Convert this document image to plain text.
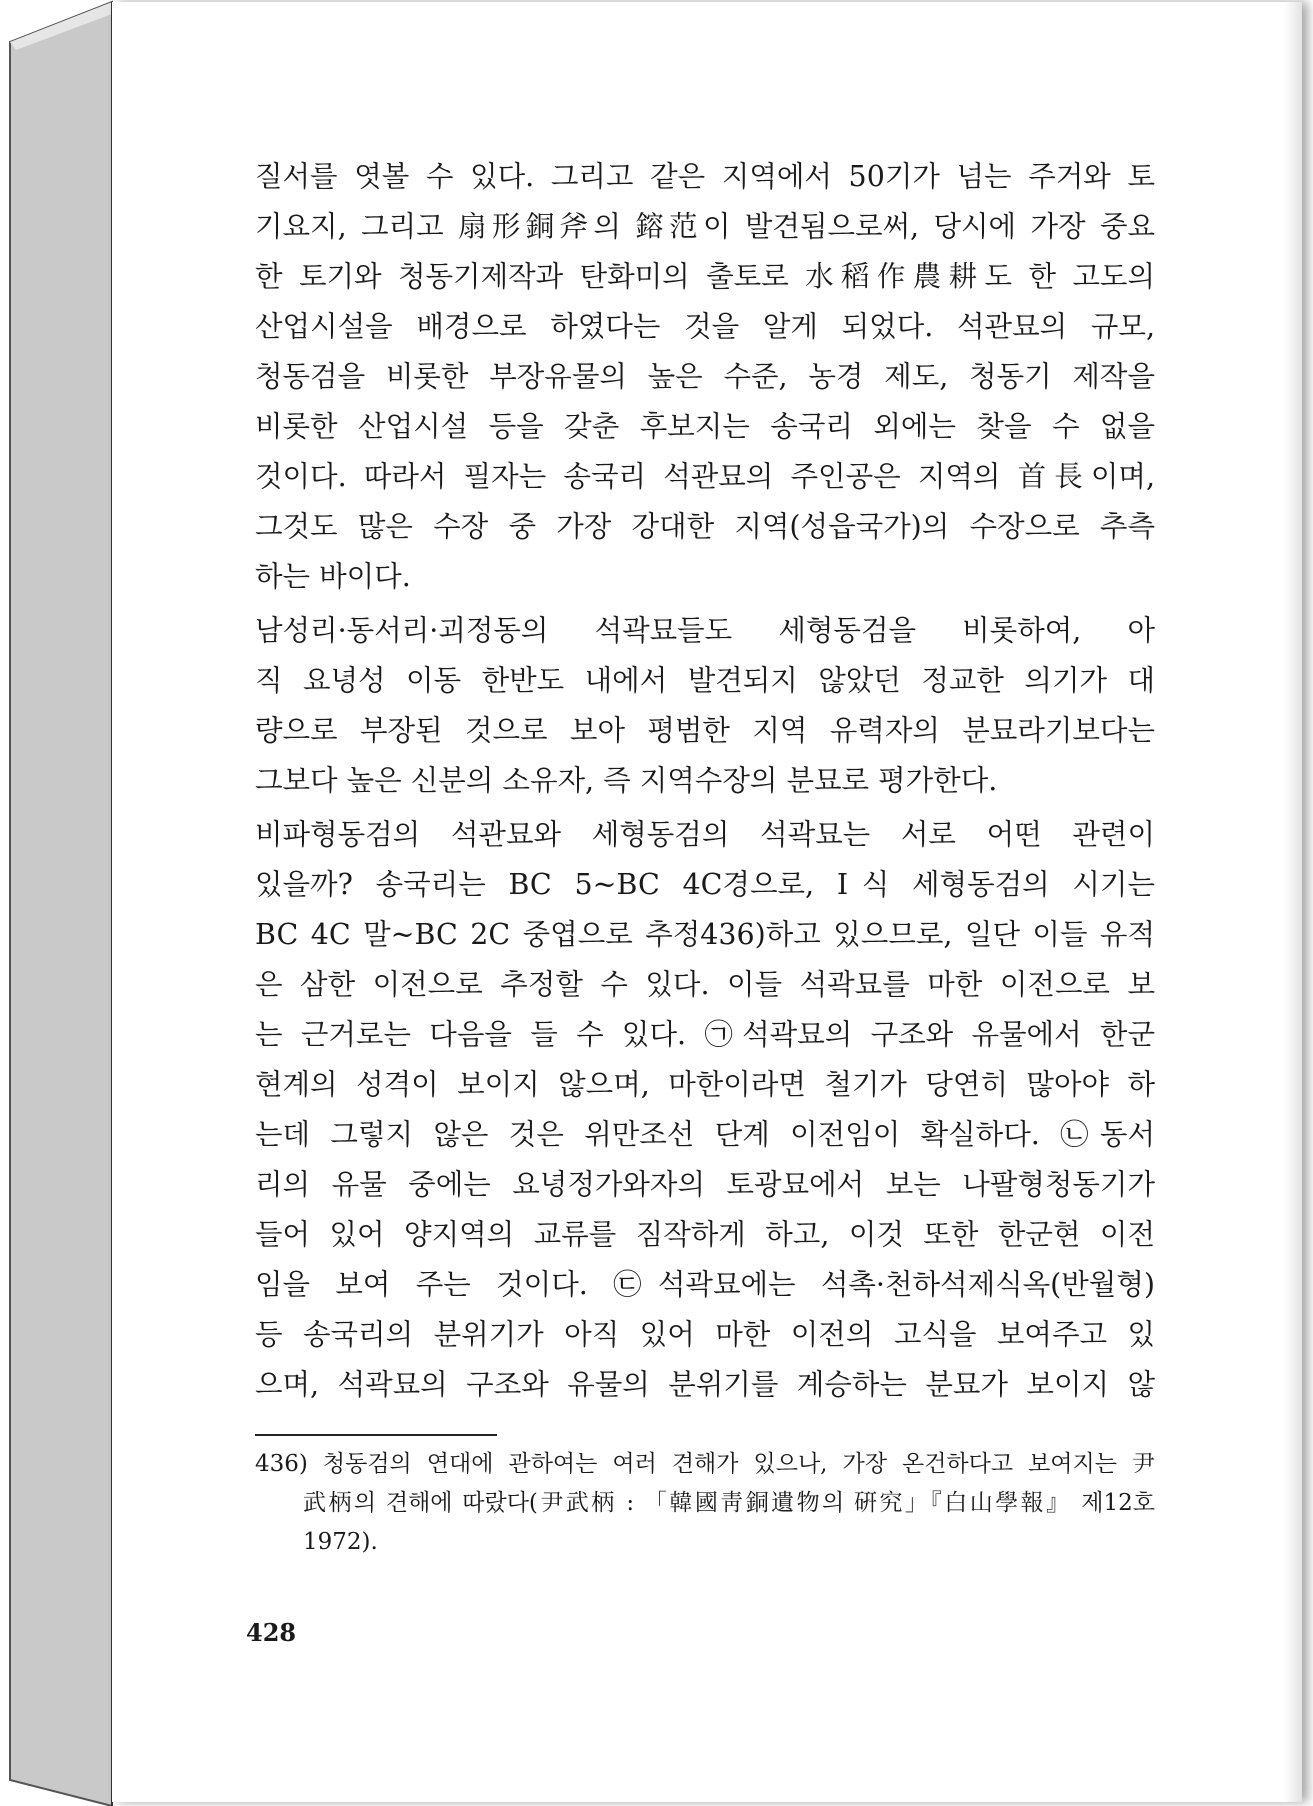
질서를 엿볼 수 있다. 그리고 같은 지역에서 50기가 넘는 주거와 토
기요지, 그리고 扇形銅斧의 鎔范이 발견됨으로써, 당시에 가장 중요
한 토기와 청동기제작과 탄화미의 출토로 水稻作農耕도 한 고도의
산업시설을 배경으로 하였다는 것을 알게 되었다. 석관묘의 규모,
청동검을 비롯한 부장유물의 높은 수준, 농경 제도, 청동기 제작을
비롯한 산업시설 등을 갖춘 후보지는 송국리 외에는 찾을 수 없을
것이다. 따라서 필자는 송국리 석관묘의 주인공은 지역의 首長이며,
그것도 많은 수장 중 가장 강대한 지역(성읍국가)의 수장으로 추측
하는 바이다.
남성리·동서리·괴정동의 석곽묘들도 세형동검을 비롯하여, 아
직 요녕성 이동 한반도 내에서 발견되지 않았던 정교한 의기가 대
량으로 부장된 것으로 보아 평범한 지역 유력자의 분묘라기보다는
그보다 높은 신분의 소유자, 즉 지역수장의 분묘로 평가한다.
비파형동검의 석관묘와 세형동검의 석곽묘는 서로 어떤 관련이
있을까? 송국리는 BC 5~BC 4C경으로, Ⅰ식 세형동검의 시기는
BC 4C 말~BC 2C 중엽으로 추정436)하고 있으므로, 일단 이들 유적
은 삼한 이전으로 추정할 수 있다. 이들 석곽묘를 마한 이전으로 보
는 근거로는 다음을 들 수 있다. ㉠석곽묘의 구조와 유물에서 한군
현계의 성격이 보이지 않으며, 마한이라면 철기가 당연히 많아야 하
는데 그렇지 않은 것은 위만조선 단계 이전임이 확실하다. ㉡동서
리의 유물 중에는 요녕정가와자의 토광묘에서 보는 나팔형청동기가
들어 있어 양지역의 교류를 짐작하게 하고, 이것 또한 한군현 이전
임을 보여 주는 것이다. ㉢석곽묘에는 석촉·천하석제식옥(반월형)
등 송국리의 분위기가 아직 있어 마한 이전의 고식을 보여주고 있
으며, 석곽묘의 구조와 유물의 분위기를 계승하는 분묘가 보이지 않
436) 청동검의 연대에 관하여는 여러 견해가 있으나, 가장 온건하다고 보여지는 尹
武柄의 견해에 따랐다(尹武柄 : 「韓國靑銅遺物의 硏究」『白山學報』 제12호
1972).
428
